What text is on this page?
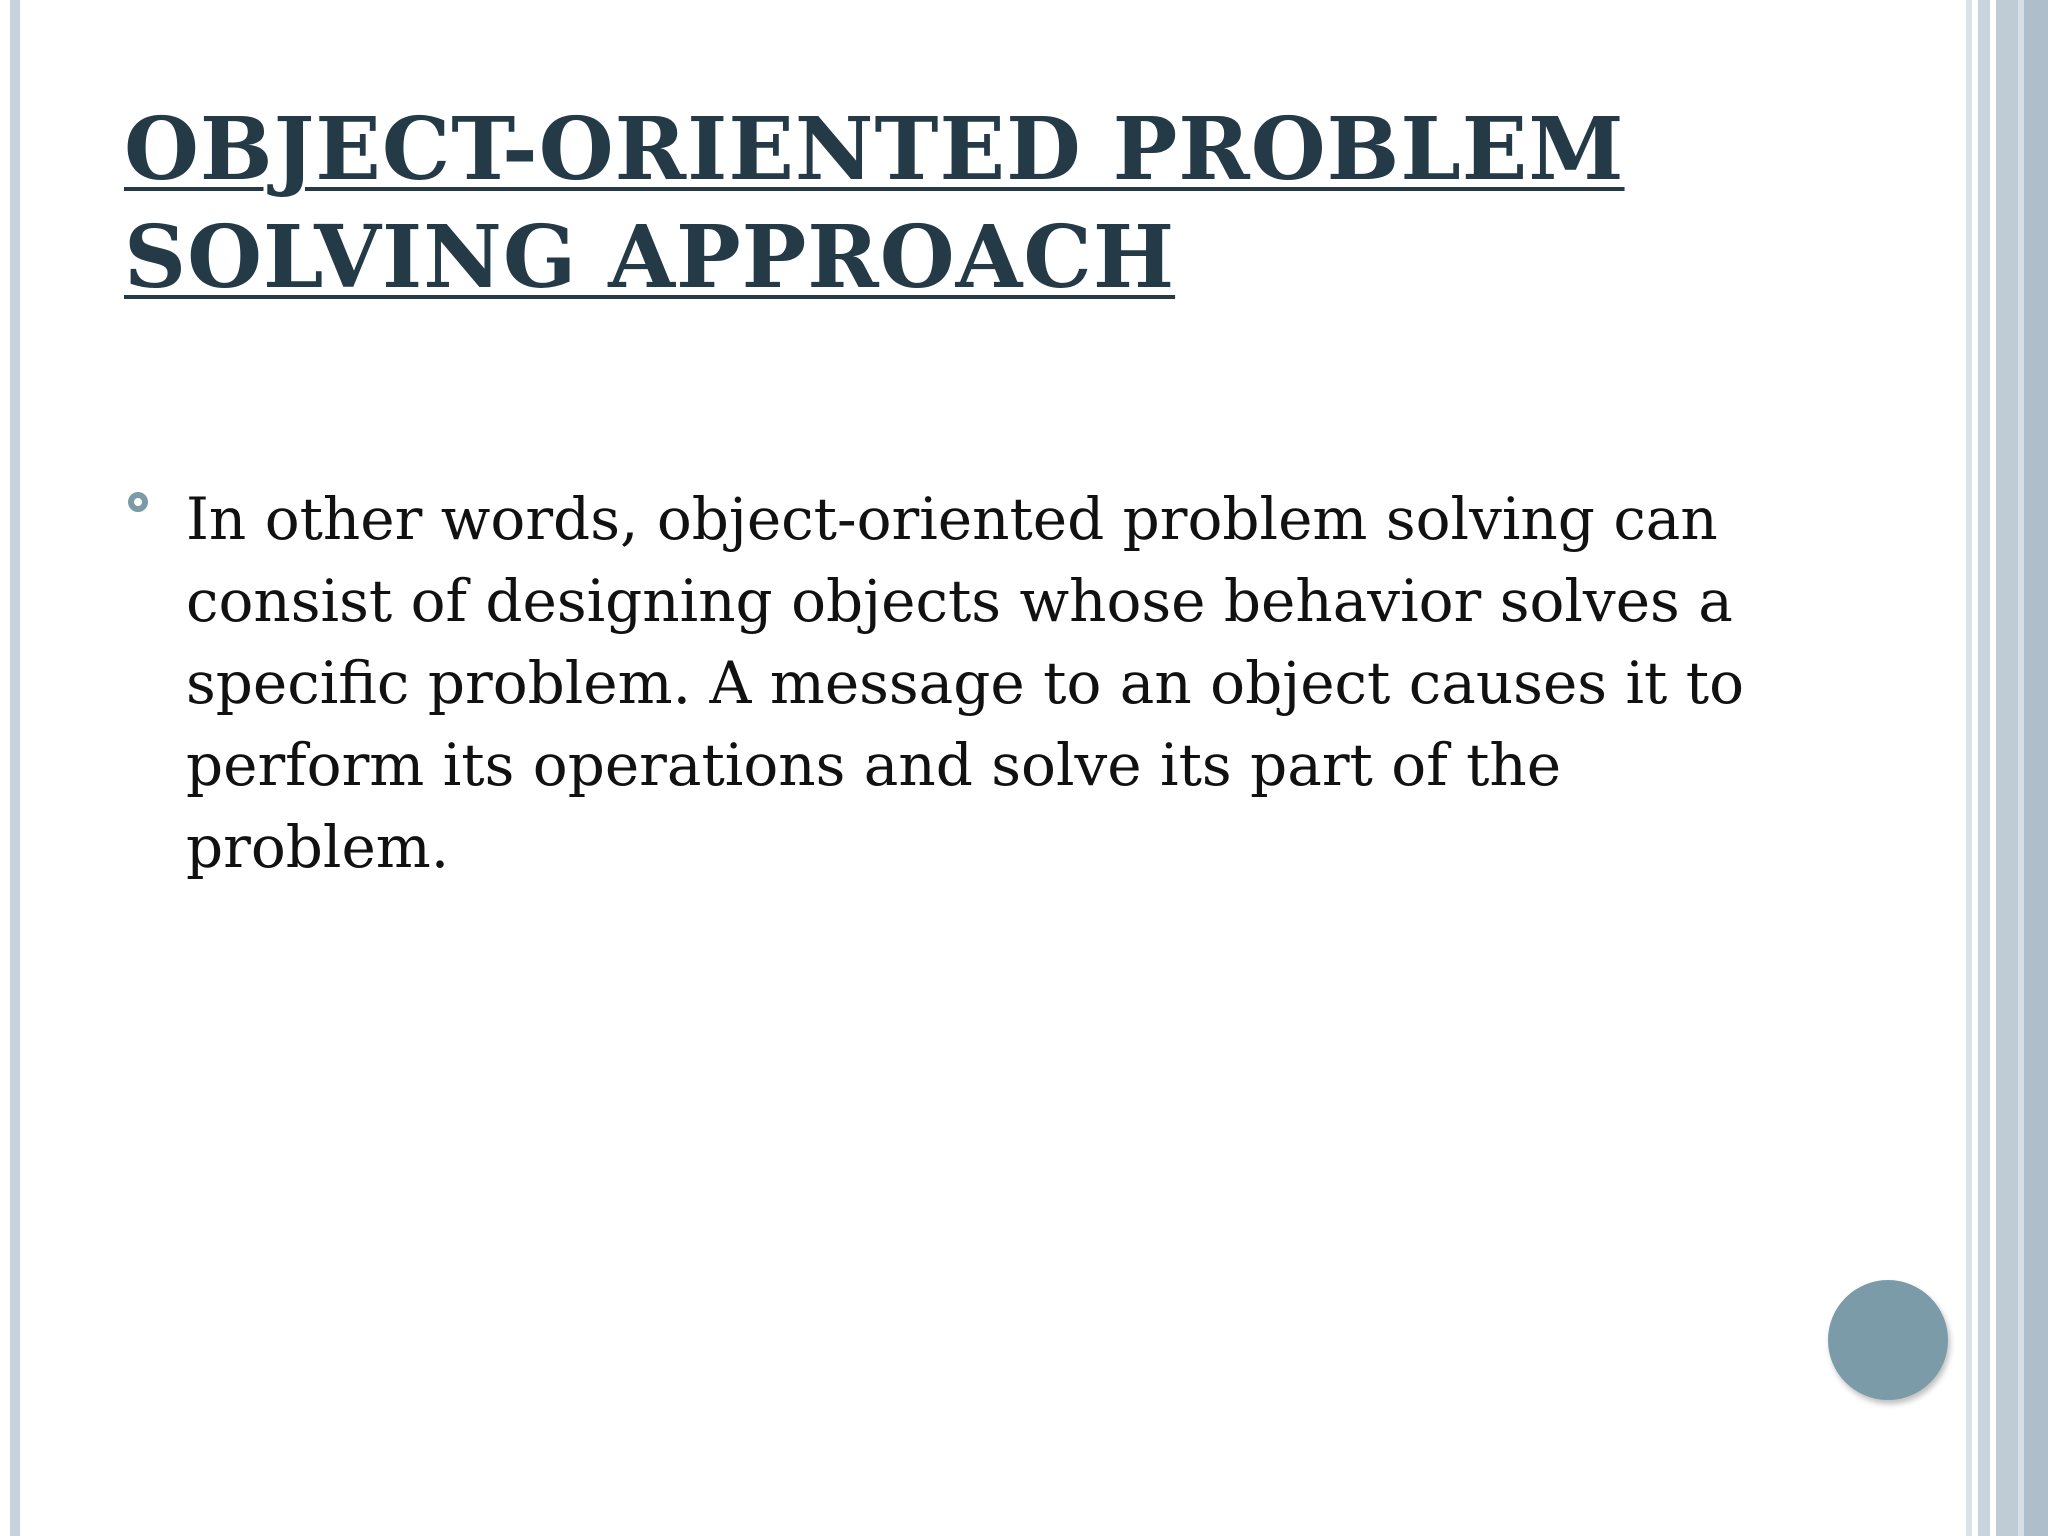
OBJECT-ORIENTED PROBLEM
SOLVING APPROACH

In other words, object-oriented problem solving can consist of designing objects whose behavior solves a specific problem. A message to an object causes it to perform its operations and solve its part of the problem.
